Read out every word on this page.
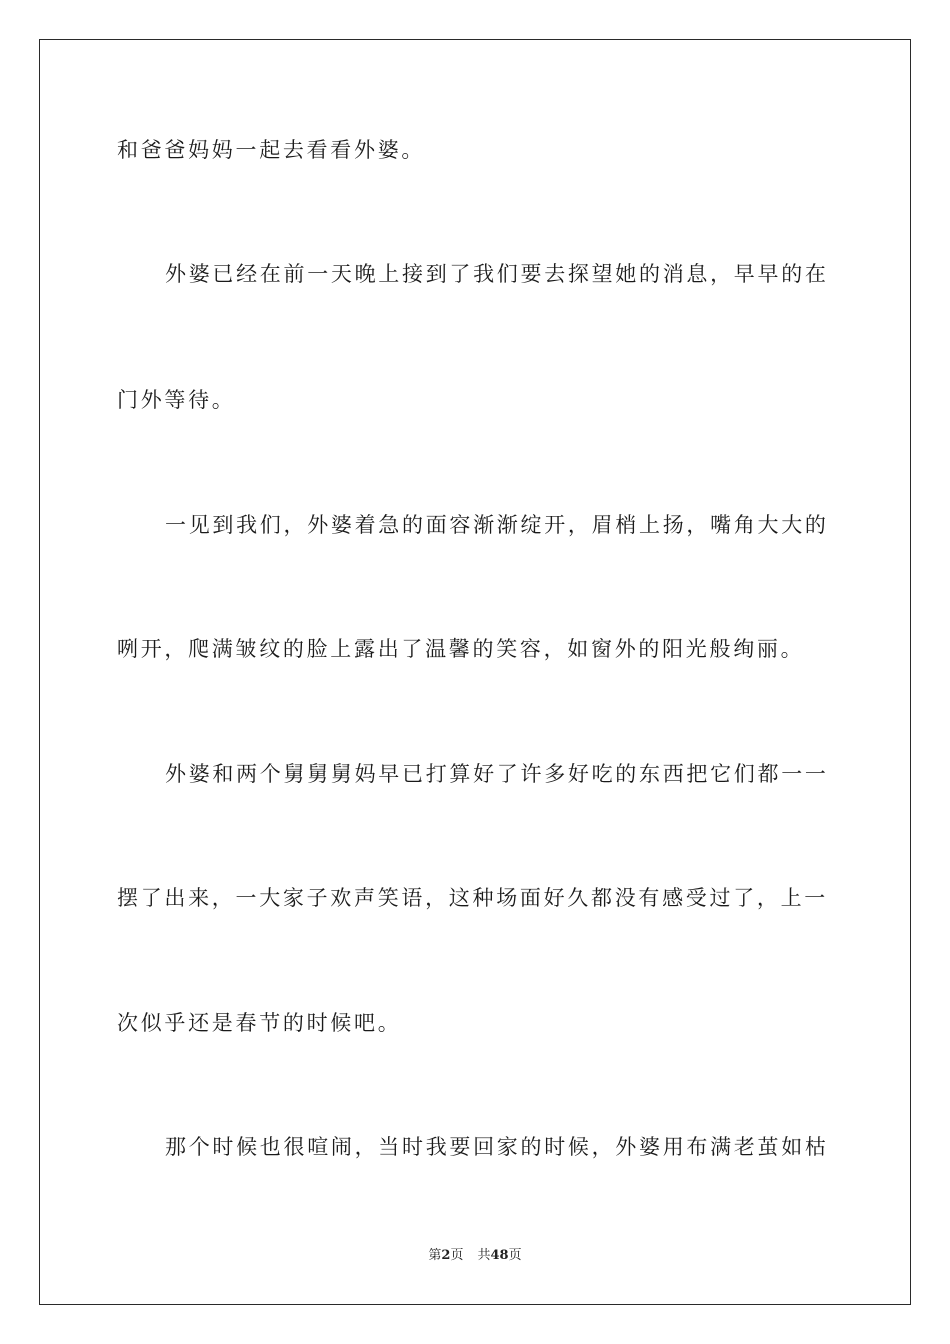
和爸爸妈妈一起去看看外婆。

外婆已经在前一天晚上接到了我们要去探望她的消息，早早的在

门外等待。

一见到我们，外婆着急的面容渐渐绽开，眉梢上扬，嘴角大大的

咧开，爬满皱纹的脸上露出了温馨的笑容，如窗外的阳光般绚丽。

外婆和两个舅舅舅妈早已打算好了许多好吃的东西把它们都一一

摆了出来，一大家子欢声笑语，这种场面好久都没有感受过了，上一

次似乎还是春节的时候吧。

那个时候也很喧闹，当时我要回家的时候，外婆用布满老茧如枯

第2页 共48页
